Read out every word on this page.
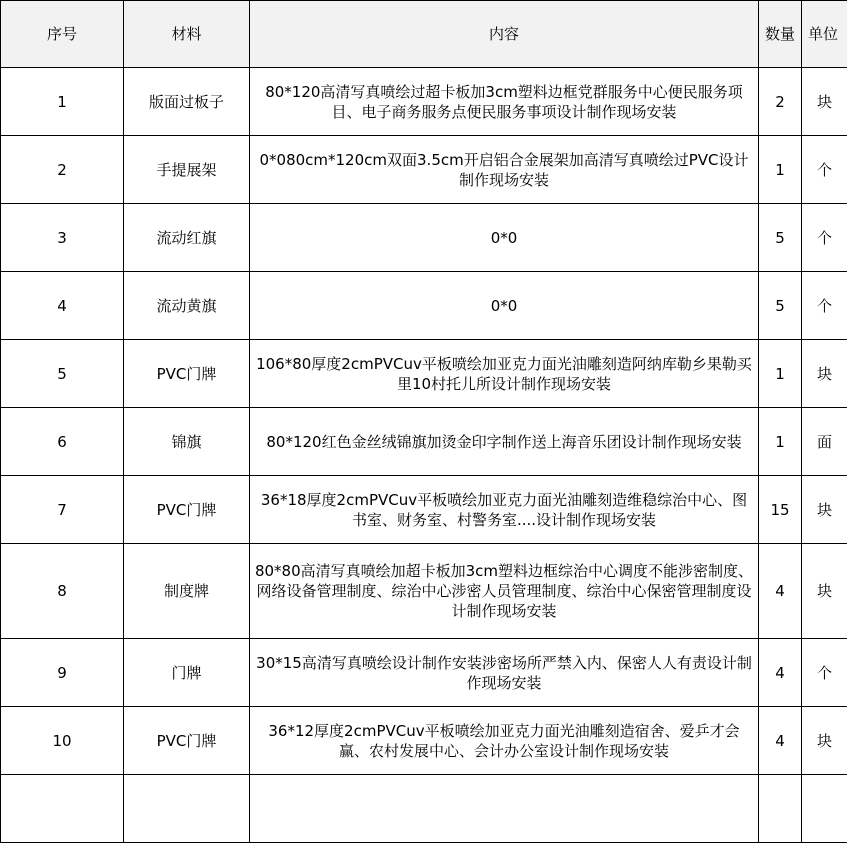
序号	材料	内容	数量	单位
1	版面过板子	80*120高清写真喷绘过超卡板加3cm塑料边框党群服务中心便民服务项目、电子商务服务点便民服务事项设计制作现场安装	2	块
2	手提展架	0*080cm*120cm双面3.5cm开启铝合金展架加高清写真喷绘过PVC设计制作现场安装	1	个
3	流动红旗	0*0	5	个
4	流动黄旗	0*0	5	个
5	PVC门牌	106*80厚度2cmPVCuv平板喷绘加亚克力面光油雕刻造阿纳库勒乡果勒买里10村托儿所设计制作现场安装	1	块
6	锦旗	80*120红色金丝绒锦旗加烫金印字制作送上海音乐团设计制作现场安装	1	面
7	PVC门牌	36*18厚度2cmPVCuv平板喷绘加亚克力面光油雕刻造维稳综治中心、图书室、财务室、村警务室....设计制作现场安装	15	块
8	制度牌	80*80高清写真喷绘加超卡板加3cm塑料边框综治中心调度不能涉密制度、网络设备管理制度、综治中心涉密人员管理制度、综治中心保密管理制度设计制作现场安装	4	块
9	门牌	30*15高清写真喷绘设计制作安装涉密场所严禁入内、保密人人有责设计制作现场安装	4	个
10	PVC门牌	36*12厚度2cmPVCuv平板喷绘加亚克力面光油雕刻造宿舍、爱乒才会赢、农村发展中心、会计办公室设计制作现场安装	4	块
